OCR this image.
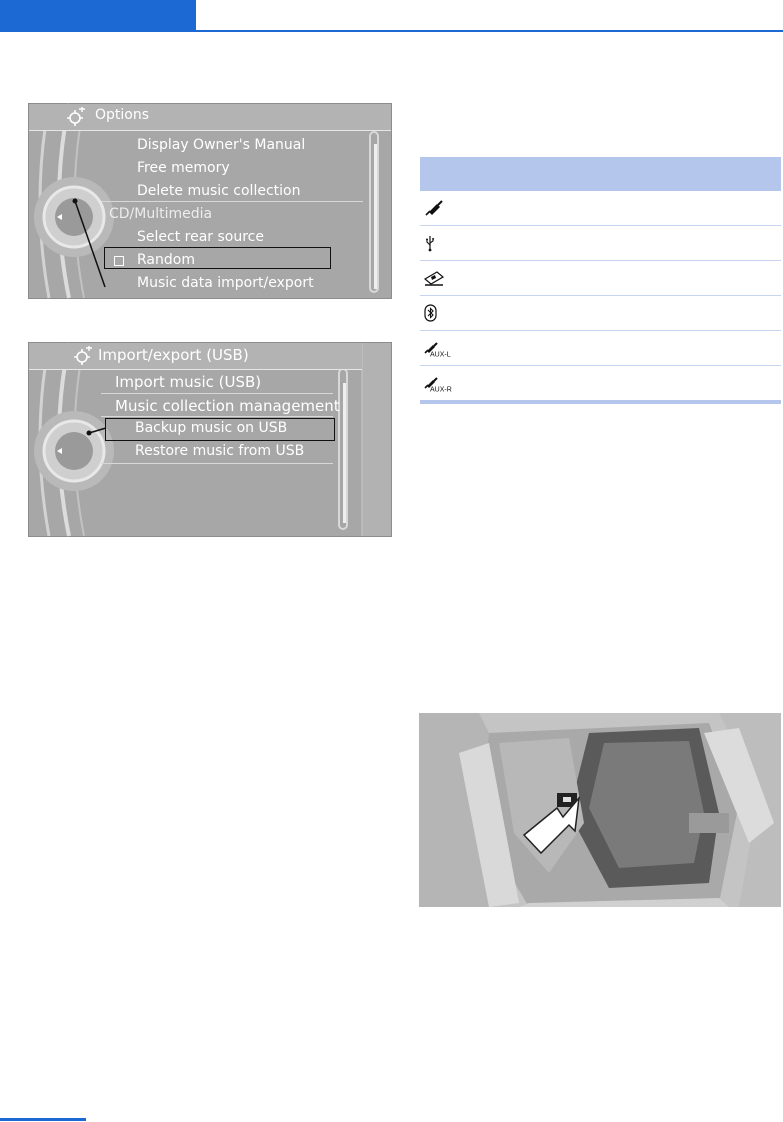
Options
Display Owner's Manual
Free memory
Delete music collection
CD/Multimedia
Select rear source
Random
Music data import/export
Import/export (USB)
Import music (USB)
Music collection management
Backup music on USB
Restore music from USB
AUX-L
AUX-R
